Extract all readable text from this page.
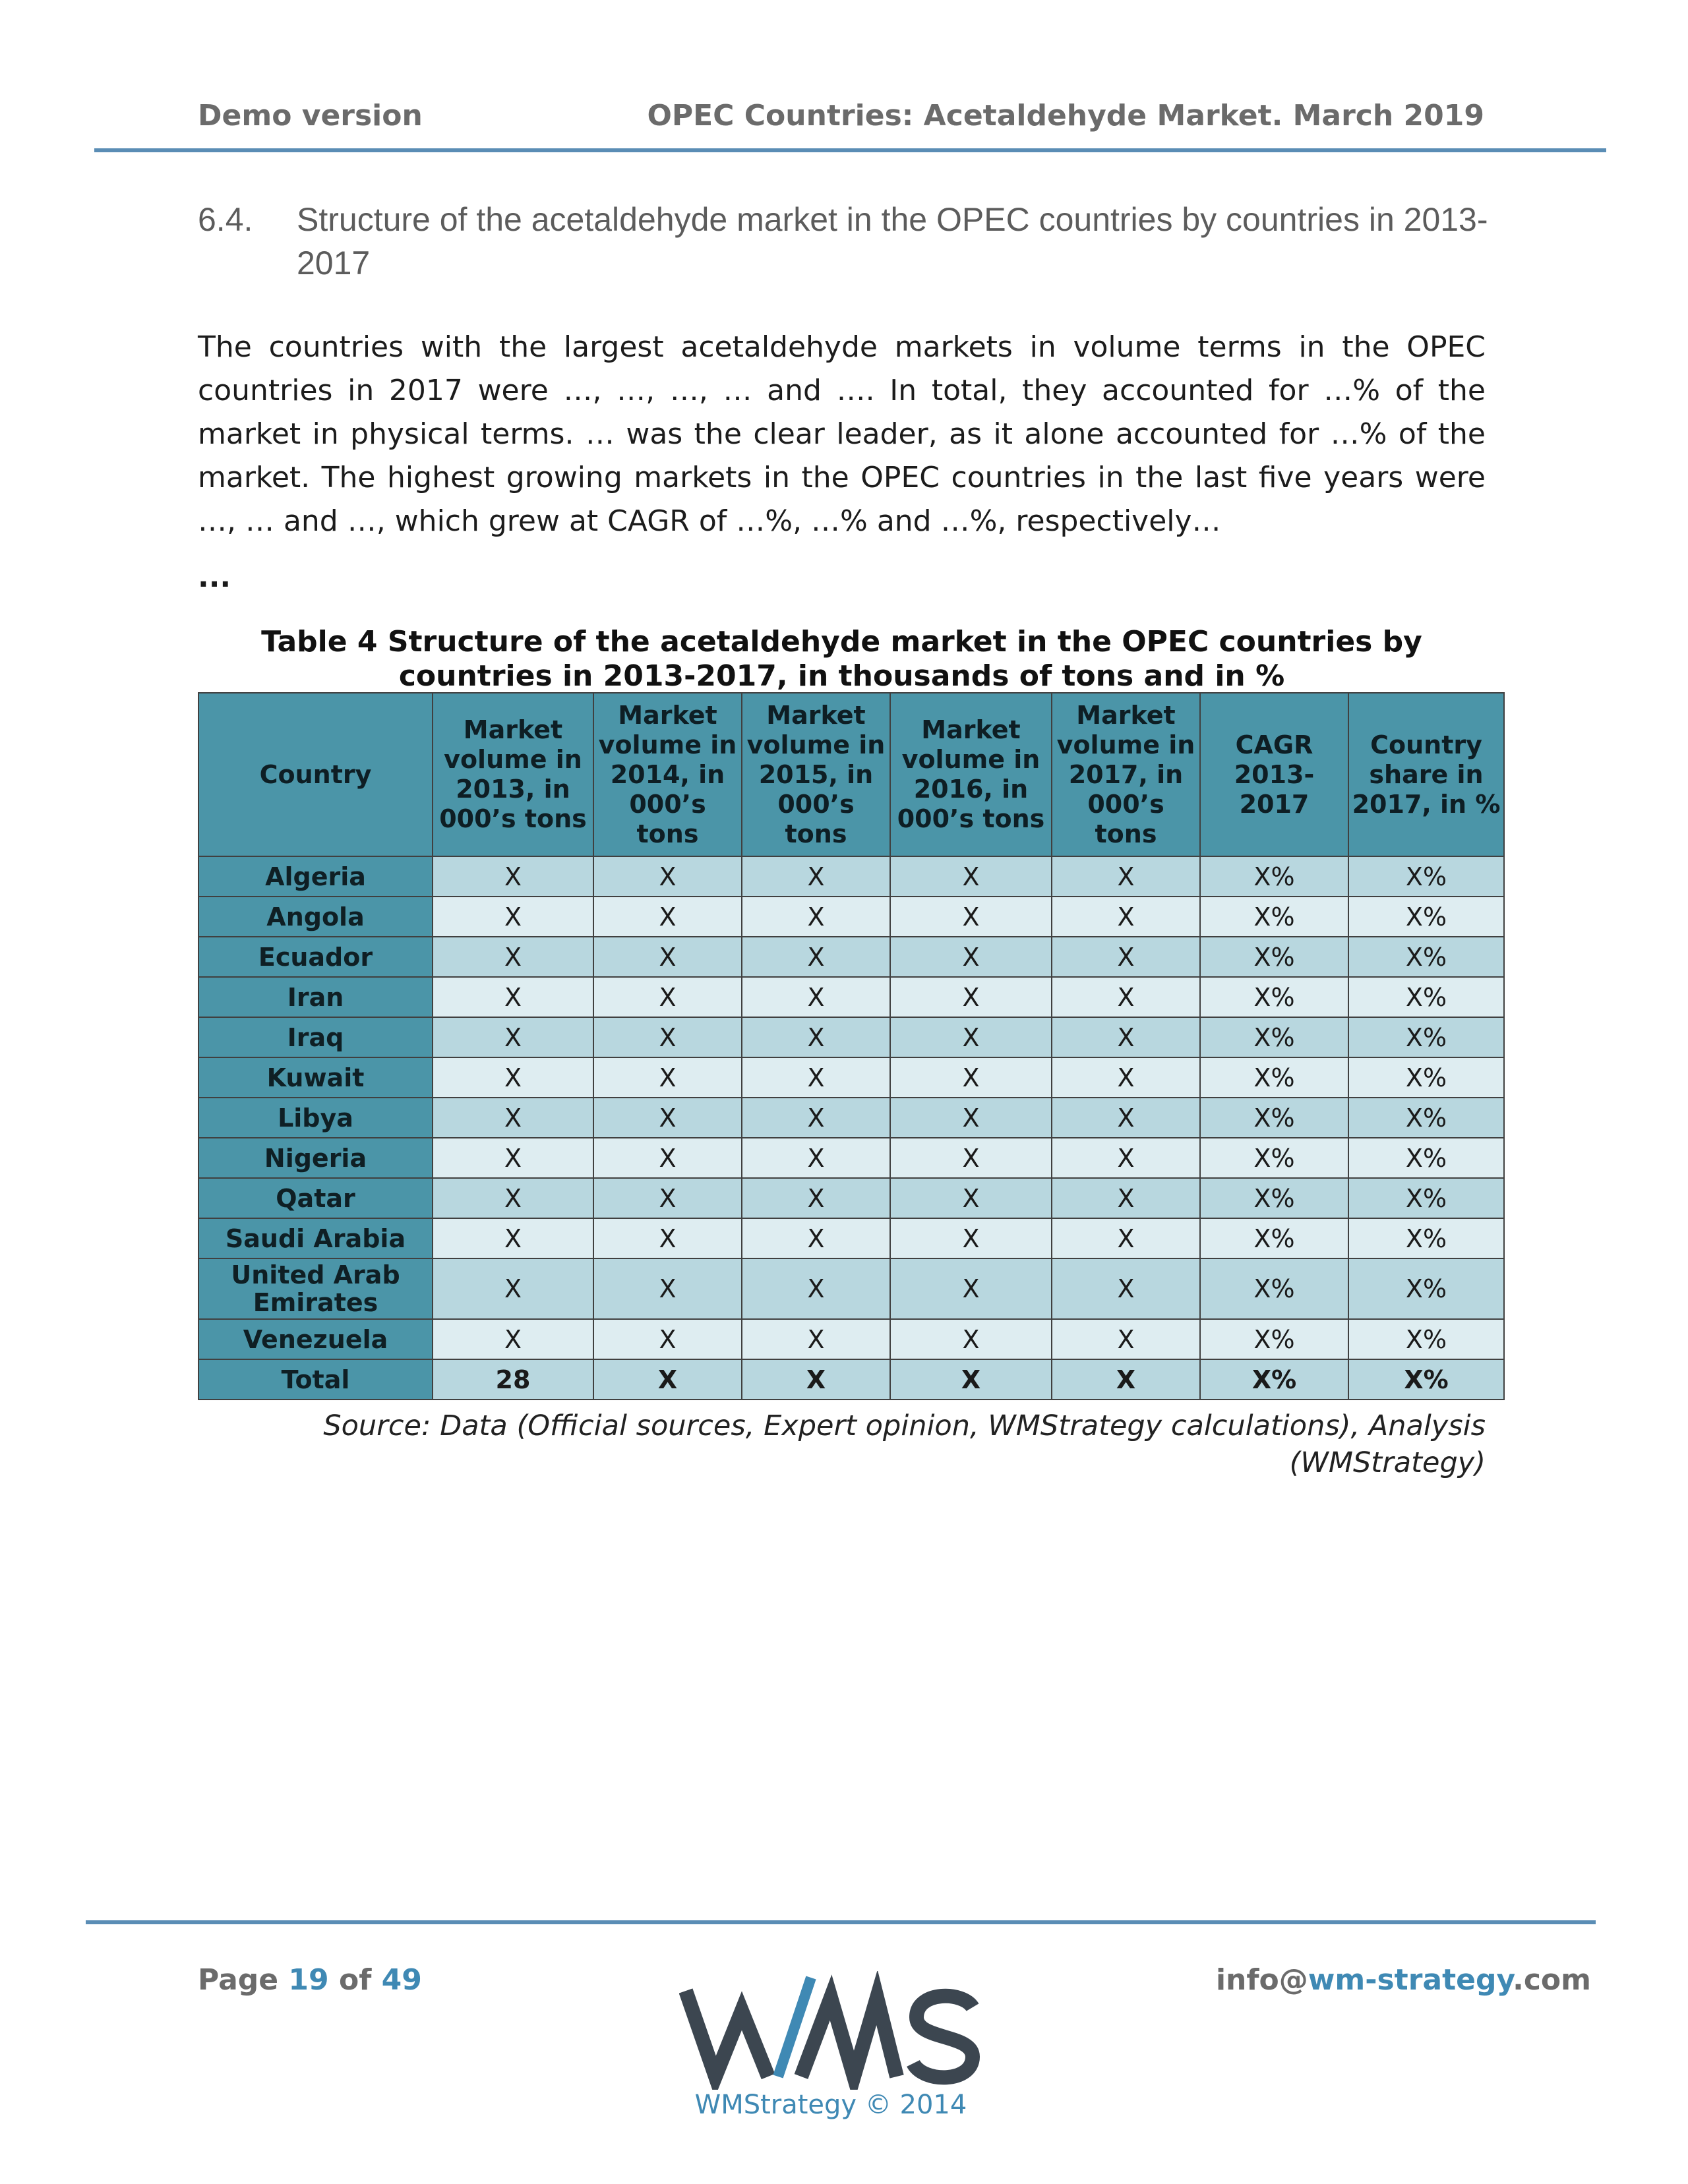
Demo version	OPEC Countries: Acetaldehyde Market. March 2019
6.4. Structure of the acetaldehyde market in the OPEC countries by countries in 2013-2017
The countries with the largest acetaldehyde markets in volume terms in the OPEC countries in 2017 were …, …, …, … and …. In total, they accounted for …% of the market in physical terms. … was the clear leader, as it alone accounted for …% of the market. The highest growing markets in the OPEC countries in the last five years were …, … and …, which grew at CAGR of …%, …% and …%, respectively…
...
Table 4 Structure of the acetaldehyde market in the OPEC countries by countries in 2013-2017, in thousands of tons and in %
Country	Market volume in 2013, in 000’s tons	Market volume in 2014, in 000’s tons	Market volume in 2015, in 000’s tons	Market volume in 2016, in 000’s tons	Market volume in 2017, in 000’s tons	CAGR 2013-2017	Country share in 2017, in %
Algeria	X	X	X	X	X	X%	X%
Angola	X	X	X	X	X	X%	X%
Ecuador	X	X	X	X	X	X%	X%
Iran	X	X	X	X	X	X%	X%
Iraq	X	X	X	X	X	X%	X%
Kuwait	X	X	X	X	X	X%	X%
Libya	X	X	X	X	X	X%	X%
Nigeria	X	X	X	X	X	X%	X%
Qatar	X	X	X	X	X	X%	X%
Saudi Arabia	X	X	X	X	X	X%	X%
United Arab Emirates	X	X	X	X	X	X%	X%
Venezuela	X	X	X	X	X	X%	X%
Total	28	X	X	X	X	X%	X%
Source: Data (Official sources, Expert opinion, WMStrategy calculations), Analysis (WMStrategy)
Page 19 of 49	info@wm-strategy.com
WMStrategy © 2014
